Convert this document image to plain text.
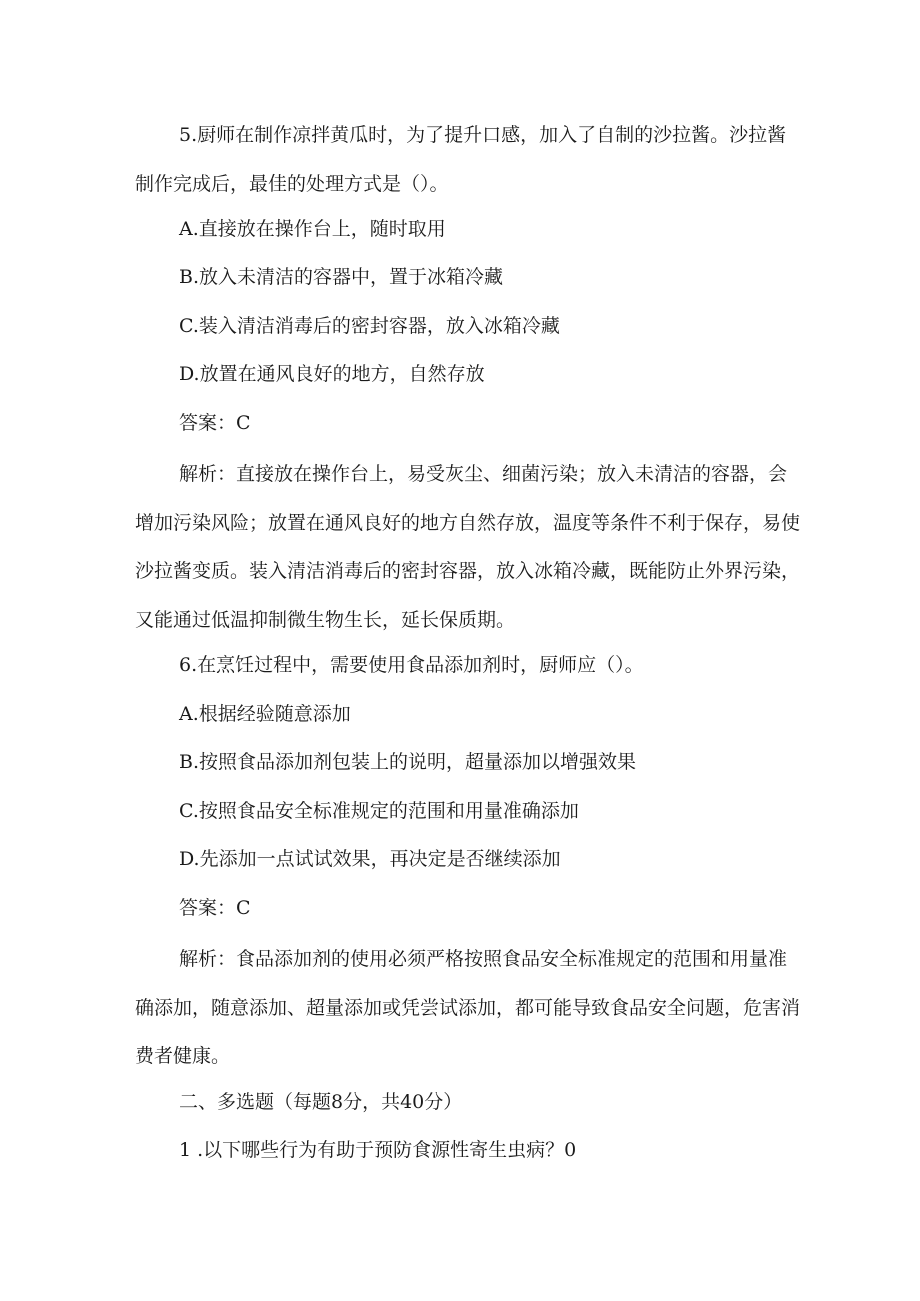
5.厨师在制作凉拌黄瓜时，为了提升口感，加入了自制的沙拉酱。沙拉酱制作完成后，最佳的处理方式是（）。

A.直接放在操作台上，随时取用

B.放入未清洁的容器中，置于冰箱冷藏

C.装入清洁消毒后的密封容器，放入冰箱冷藏

D.放置在通风良好的地方，自然存放

答案：C

解析：直接放在操作台上，易受灰尘、细菌污染；放入未清洁的容器，会增加污染风险；放置在通风良好的地方自然存放，温度等条件不利于保存，易使沙拉酱变质。装入清洁消毒后的密封容器，放入冰箱冷藏，既能防止外界污染，又能通过低温抑制微生物生长，延长保质期。

6.在烹饪过程中，需要使用食品添加剂时，厨师应（）。

A.根据经验随意添加

B.按照食品添加剂包装上的说明，超量添加以增强效果

C.按照食品安全标准规定的范围和用量准确添加

D.先添加一点试试效果，再决定是否继续添加

答案：C

解析：食品添加剂的使用必须严格按照食品安全标准规定的范围和用量准确添加，随意添加、超量添加或凭尝试添加，都可能导致食品安全问题，危害消费者健康。

二、多选题（每题8分，共40分）

1 .以下哪些行为有助于预防食源性寄生虫病？0
